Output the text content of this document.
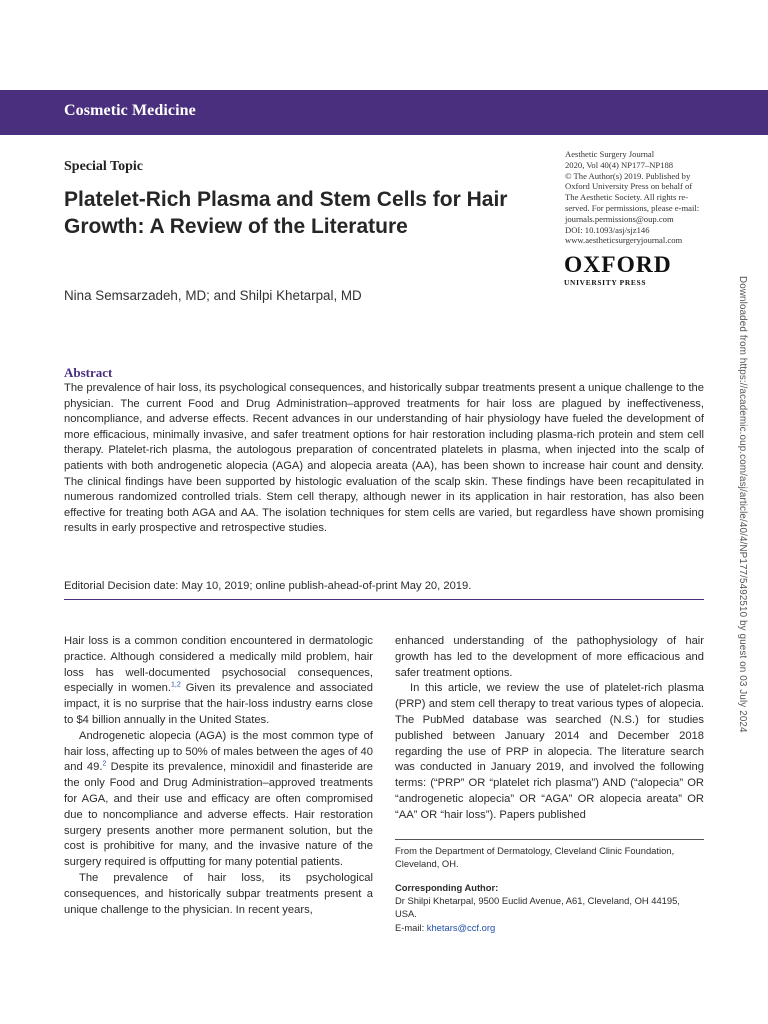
Cosmetic Medicine
Special Topic
Platelet-Rich Plasma and Stem Cells for Hair Growth: A Review of the Literature
Aesthetic Surgery Journal
2020, Vol 40(4) NP177–NP188
© The Author(s) 2019. Published by
Oxford University Press on behalf of
The Aesthetic Society. All rights re-
served. For permissions, please e-mail:
journals.permissions@oup.com
DOI: 10.1093/asj/sjz146
www.aestheticsurgeryjournal.com
OXFORD
UNIVERSITY PRESS
Nina Semsarzadeh, MD; and Shilpi Khetarpal, MD
Abstract

The prevalence of hair loss, its psychological consequences, and historically subpar treatments present a unique challenge to the physician. The current Food and Drug Administration–approved treatments for hair loss are plagued by ineffectiveness, noncompliance, and adverse effects. Recent advances in our understanding of hair physiology have fueled the development of more efficacious, minimally invasive, and safer treatment options for hair restoration including plasma-rich protein and stem cell therapy. Platelet-rich plasma, the autologous preparation of concentrated platelets in plasma, when injected into the scalp of patients with both androgenetic alopecia (AGA) and alopecia areata (AA), has been shown to increase hair count and density. The clinical findings have been supported by histologic evaluation of the scalp skin. These findings have been recapitulated in numerous randomized controlled trials. Stem cell therapy, although newer in its application in hair restoration, has also been effective for treating both AGA and AA. The isolation techniques for stem cells are varied, but regardless have shown promising results in early prospective and retrospective studies.

Editorial Decision date: May 10, 2019; online publish-ahead-of-print May 20, 2019.

Hair loss is a common condition encountered in dermatologic practice. Although considered a medically mild problem, hair loss has well-documented psychosocial consequences, especially in women.$^{1,2}$ Given its prevalence and associated impact, it is no surprise that the hair-loss industry earns close to $4 billion annually in the United States.

Androgenetic alopecia (AGA) is the most common type of hair loss, affecting up to 50% of males between the ages of 40 and 49.$^2$ Despite its prevalence, minoxidil and finasteride are the only Food and Drug Administration–approved treatments for AGA, and their use and efficacy are often compromised due to noncompliance and adverse effects. Hair restoration surgery presents another more permanent solution, but the cost is prohibitive for many, and the invasive nature of the surgery required is offputting for many potential patients.

The prevalence of hair loss, its psychological consequences, and historically subpar treatments present a unique challenge to the physician. In recent years,

enhanced understanding of the pathophysiology of hair growth has led to the development of more efficacious and safer treatment options.

In this article, we review the use of platelet-rich plasma (PRP) and stem cell therapy to treat various types of alopecia. The PubMed database was searched (N.S.) for studies published between January 2014 and December 2018 regarding the use of PRP in alopecia. The literature search was conducted in January 2019, and involved the following terms: (“PRP” OR “platelet rich plasma”) AND (“alopecia” OR “androgenetic alopecia” OR “AGA” OR alopecia areata” OR “AA” OR “hair loss”). Papers published

From the Department of Dermatology, Cleveland Clinic Foundation, Cleveland, OH.
Corresponding Author:
Dr Shilpi Khetarpal, 9500 Euclid Avenue, A61, Cleveland, OH 44195, USA.
E-mail: khetars@ccf.org
Downloaded from https://academic.oup.com/asj/article/40/4/NP177/5492510 by guest on 03 July 2024
